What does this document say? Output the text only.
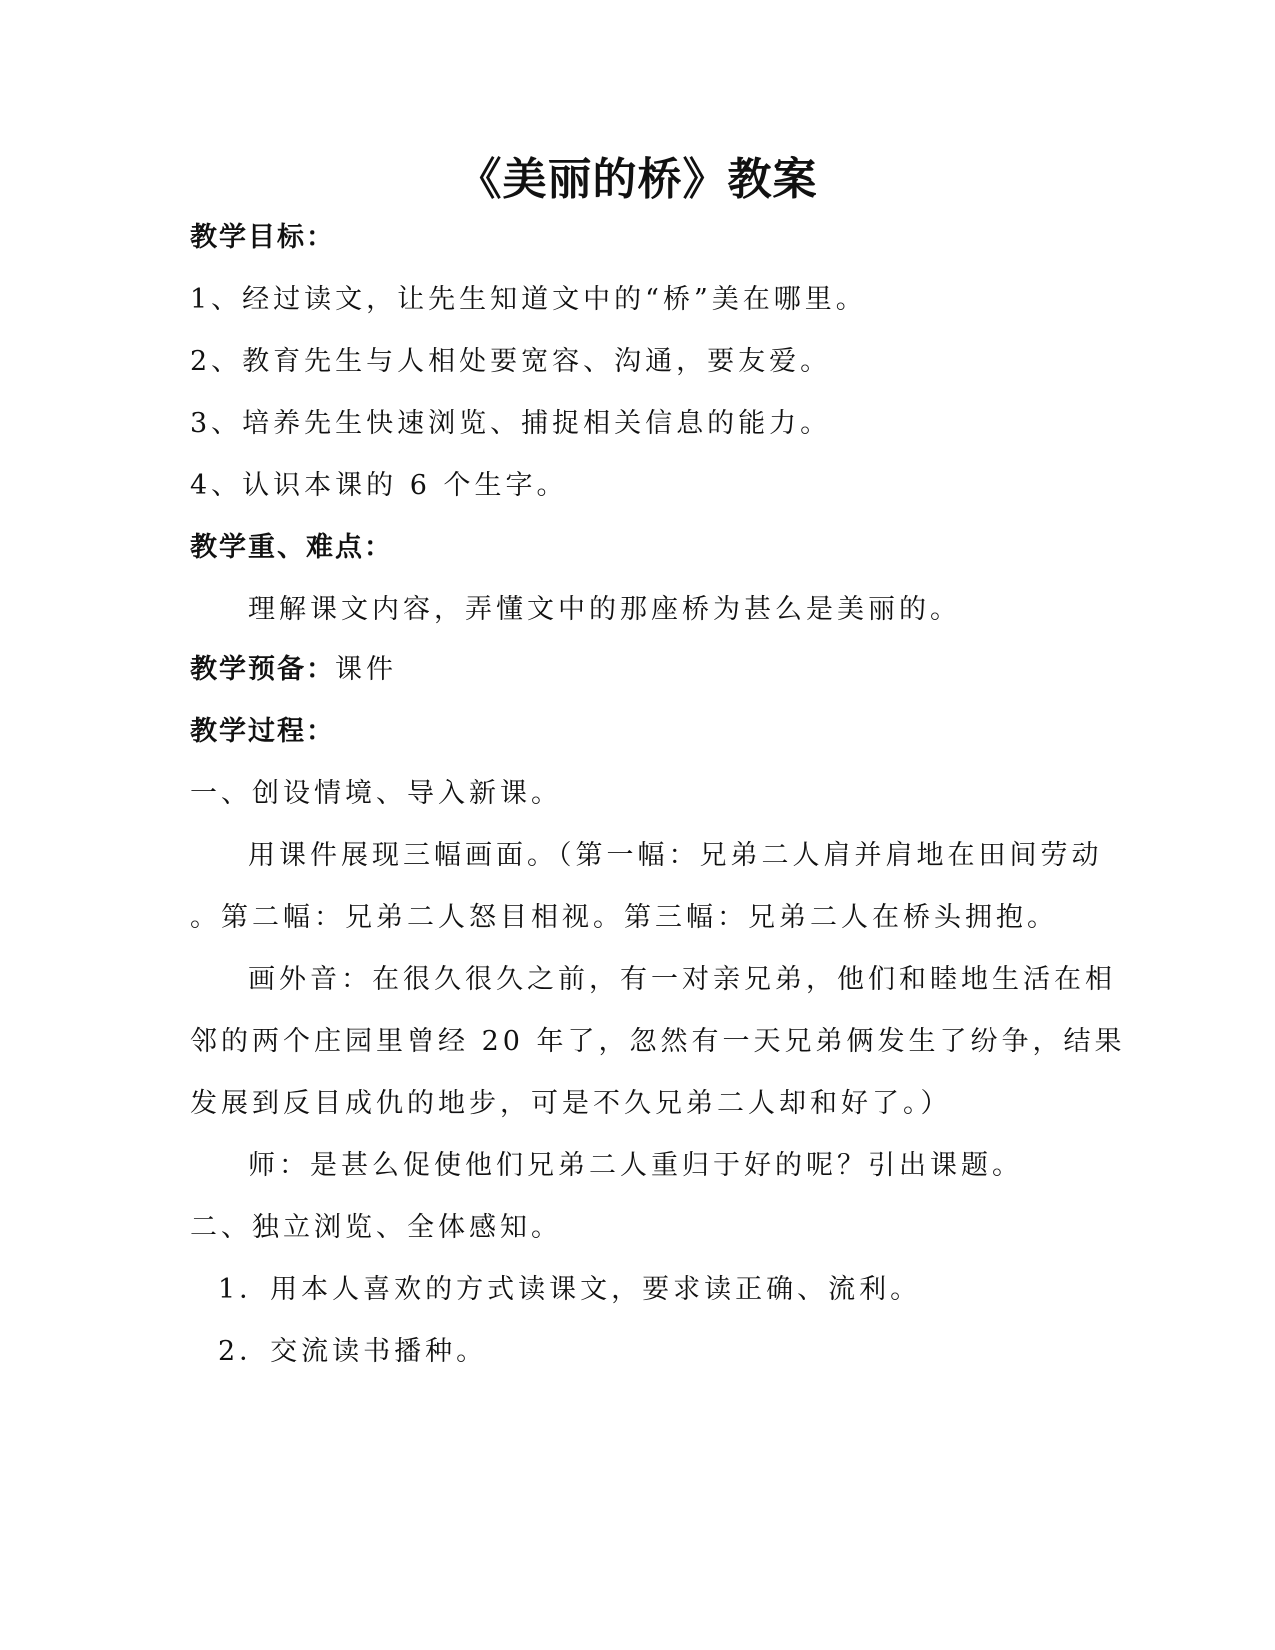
《美丽的桥》教案
教学目标：
1、经过读文，让先生知道文中的“桥”美在哪里。
2、教育先生与人相处要宽容、沟通，要友爱。
3、培养先生快速浏览、捕捉相关信息的能力。
4、认识本课的 6 个生字。
教学重、难点：
理解课文内容，弄懂文中的那座桥为甚么是美丽的。
教学预备：课件
教学过程：
一、创设情境、导入新课。
用课件展现三幅画面。（第一幅：兄弟二人肩并肩地在田间劳动
。第二幅：兄弟二人怒目相视。第三幅：兄弟二人在桥头拥抱。
画外音：在很久很久之前，有一对亲兄弟，他们和睦地生活在相
邻的两个庄园里曾经 20 年了，忽然有一天兄弟俩发生了纷争，结果
发展到反目成仇的地步，可是不久兄弟二人却和好了。）
师：是甚么促使他们兄弟二人重归于好的呢？引出课题。
二、独立浏览、全体感知。
1．用本人喜欢的方式读课文，要求读正确、流利。
2．交流读书播种。
